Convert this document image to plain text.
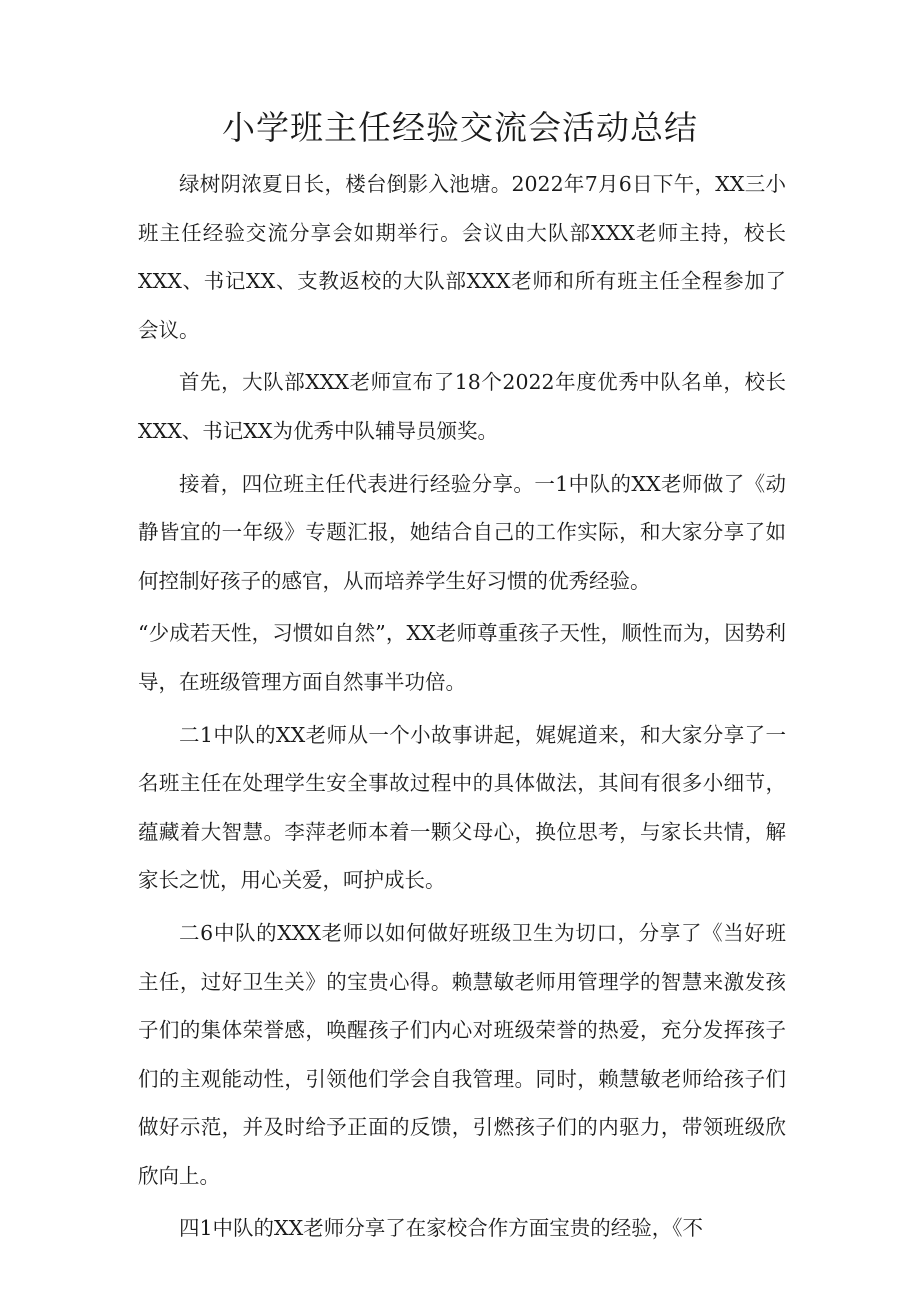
小学班主任经验交流会活动总结

绿树阴浓夏日长，楼台倒影入池塘。2022年7月6日下午，XX三小班主任经验交流分享会如期举行。会议由大队部XXX老师主持，校长XXX、书记XX、支教返校的大队部XXX老师和所有班主任全程参加了会议。

首先，大队部XXX老师宣布了18个2022年度优秀中队名单，校长XXX、书记XX为优秀中队辅导员颁奖。

接着，四位班主任代表进行经验分享。一1中队的XX老师做了《动静皆宜的一年级》专题汇报，她结合自己的工作实际，和大家分享了如何控制好孩子的感官，从而培养学生好习惯的优秀经验。

“少成若天性，习惯如自然”，XX老师尊重孩子天性，顺性而为，因势利导，在班级管理方面自然事半功倍。

二1中队的XX老师从一个小故事讲起，娓娓道来，和大家分享了一名班主任在处理学生安全事故过程中的具体做法，其间有很多小细节，蕴藏着大智慧。李萍老师本着一颗父母心，换位思考，与家长共情，解家长之忧，用心关爱，呵护成长。

二6中队的XXX老师以如何做好班级卫生为切口，分享了《当好班主任，过好卫生关》的宝贵心得。赖慧敏老师用管理学的智慧来激发孩子们的集体荣誉感，唤醒孩子们内心对班级荣誉的热爱，充分发挥孩子们的主观能动性，引领他们学会自我管理。同时，赖慧敏老师给孩子们做好示范，并及时给予正面的反馈，引燃孩子们的内驱力，带领班级欣欣向上。

四1中队的XX老师分享了在家校合作方面宝贵的经验，《不
